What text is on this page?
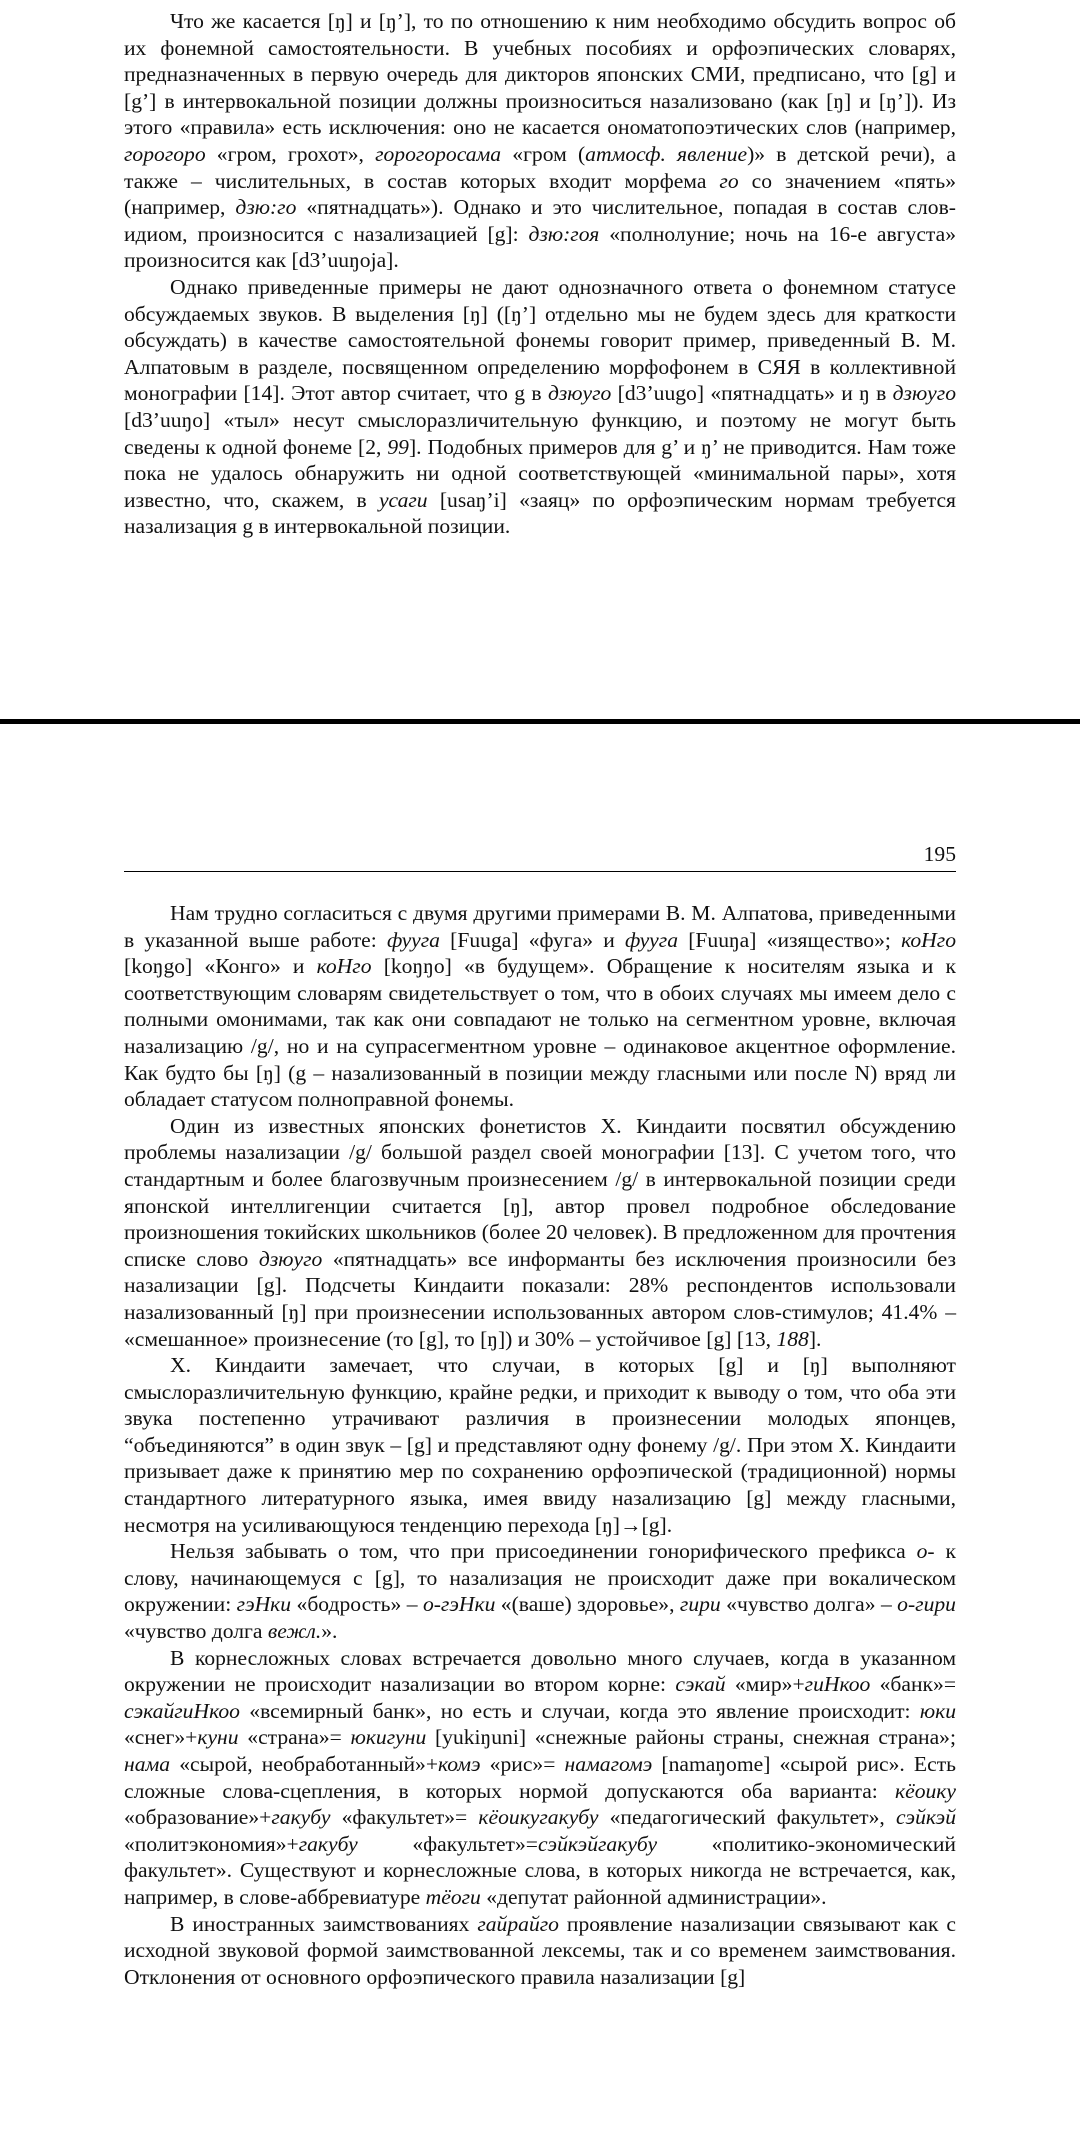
Что же касается [ŋ] и [ŋ’], то по отношению к ним необходимо обсудить вопрос об их фонемной самостоятельности. В учебных пособиях и орфоэпических словарях, предназначенных в первую очередь для дикторов японских СМИ, предписано, что [g] и [g’] в интервокальной позиции должны произноситься назализовано (как [ŋ] и [ŋ’]). Из этого «правила» есть исключения: оно не касается ономатопоэтических слов (например, горогоро «гром, грохот», горогоросама «гром (атмосф. явление)» в детской речи), а также – числительных, в состав которых входит морфема го со значением «пять» (например, дзю:го «пятнадцать»). Однако и это числительное, попадая в состав слов-идиом, произносится с назализацией [g]: дзю:гоя «полнолуние; ночь на 16-е августа» произносится как [d3’uuŋoja].

Однако приведенные примеры не дают однозначного ответа о фонемном статусе обсуждаемых звуков. В выделения [ŋ] ([ŋ’] отдельно мы не будем здесь для краткости обсуждать) в качестве самостоятельной фонемы говорит пример, приведенный В. М. Алпатовым в разделе, посвященном определению морфофонем в СЯЯ в коллективной монографии [14]. Этот автор считает, что g в дзюуго [d3’uugo] «пятнадцать» и ŋ в дзюуго [d3’uuŋo] «тыл» несут смыслоразличительную функцию, и поэтому не могут быть сведены к одной фонеме [2, 99]. Подобных примеров для g’ и ŋ’ не приводится. Нам тоже пока не удалось обнаружить ни одной соответствующей «минимальной пары», хотя известно, что, скажем, в усаги [usaŋ’i] «заяц» по орфоэпическим нормам требуется назализация g в интервокальной позиции.

195

Нам трудно согласиться с двумя другими примерами В. М. Алпатова, приведенными в указанной выше работе: фууга [Fuuga] «фуга» и фууга [Fuuŋa] «изящество»; коНго [koŋgo] «Конго» и коНго [koŋŋo] «в будущем». Обращение к носителям языка и к соответствующим словарям свидетельствует о том, что в обоих случаях мы имеем дело с полными омонимами, так как они совпадают не только на сегментном уровне, включая назализацию /g/, но и на супрасегментном уровне – одинаковое акцентное оформление. Как будто бы [ŋ] (g – назализованный в позиции между гласными или после N) вряд ли обладает статусом полноправной фонемы.

Один из известных японских фонетистов Х. Киндаити посвятил обсуждению проблемы назализации /g/ большой раздел своей монографии [13]. С учетом того, что стандартным и более благозвучным произнесением /g/ в интервокальной позиции среди японской интеллигенции считается [ŋ], автор провел подробное обследование произношения токийских школьников (более 20 человек). В предложенном для прочтения списке слово дзюуго «пятнадцать» все информанты без исключения произносили без назализации [g]. Подсчеты Киндаити показали: 28% респондентов использовали назализованный [ŋ] при произнесении использованных автором слов-стимулов; 41.4% – «смешанное» произнесение (то [g], то [ŋ]) и 30% – устойчивое [g] [13, 188].

Х. Киндаити замечает, что случаи, в которых [g] и [ŋ] выполняют смыслоразличительную функцию, крайне редки, и приходит к выводу о том, что оба эти звука постепенно утрачивают различия в произнесении молодых японцев, “объединяются” в один звук – [g] и представляют одну фонему /g/. При этом Х. Киндаити призывает даже к принятию мер по сохранению орфоэпической (традиционной) нормы стандартного литературного языка, имея ввиду назализацию [g] между гласными, несмотря на усиливающуюся тенденцию перехода [ŋ]→[g].

Нельзя забывать о том, что при присоединении гонорифического префикса о- к слову, начинающемуся с [g], то назализация не происходит даже при вокалическом окружении: гэНки «бодрость» – о-гэНки «(ваше) здоровье», гири «чувство долга» – о-гири «чувство долга вежл.».

В корнесложных словах встречается довольно много случаев, когда в указанном окружении не происходит назализации во втором корне: сэкай «мир»+гиНкоо «банк»= сэкайгиНкоо «всемирный банк», но есть и случаи, когда это явление происходит: юки «снег»+куни «страна»= юкигуни [yukiŋuni] «снежные районы страны, снежная страна»; нама «сырой, необработанный»+комэ «рис»= намагомэ [namaŋome] «сырой рис». Есть сложные слова-сцепления, в которых нормой допускаются оба варианта: кёоику «образование»+гакубу «факультет»= кёоикугакубу «педагогический факультет», сэйкэй «политэкономия»+гакубу «факультет»=сэйкэйгакубу «политико-экономический факультет». Существуют и корнесложные слова, в которых никогда не встречается, как, например, в слове-аббревиатуре тёоги «депутат районной администрации».

В иностранных заимствованиях гайрайго проявление назализации связывают как с исходной звуковой формой заимствованной лексемы, так и со временем заимствования. Отклонения от основного орфоэпического правила назализации [g]
